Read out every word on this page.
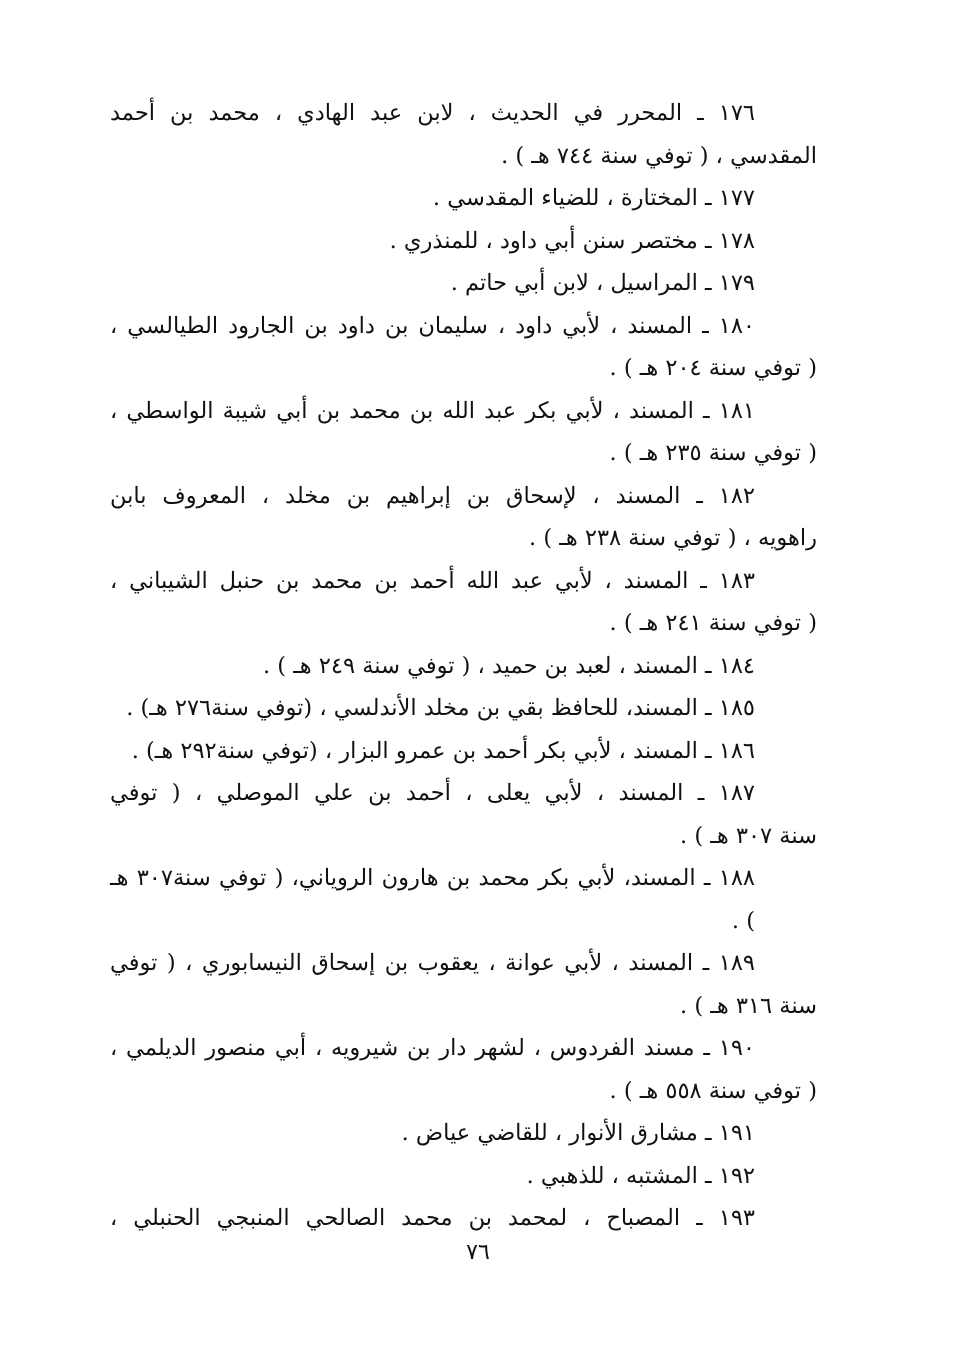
١٧٦ ـ المحرر في الحديث ، لابن عبد الهادي ، محمد بن أحمد
المقدسي ، ( توفي سنة ٧٤٤ هـ ) .
١٧٧ ـ المختارة ، للضياء المقدسي .
١٧٨ ـ مختصر سنن أبي داود ، للمنذري .
١٧٩ ـ المراسيل ، لابن أبي حاتم .
١٨٠ ـ المسند ، لأبي داود ، سليمان بن داود بن الجارود الطيالسي ،
( توفي سنة ٢٠٤ هـ ) .
١٨١ ـ المسند ، لأبي بكر عبد الله بن محمد بن أبي شيبة الواسطي ،
( توفي سنة ٢٣٥ هـ ) .
١٨٢ ـ المسند ، لإسحاق بن إبراهيم بن مخلد ، المعروف بابن
راهويه ، ( توفي سنة ٢٣٨ هـ ) .
١٨٣ ـ المسند ، لأبي عبد الله أحمد بن محمد بن حنبل الشيباني ،
( توفي سنة ٢٤١ هـ ) .
١٨٤ ـ المسند ، لعبد بن حميد ، ( توفي سنة ٢٤٩ هـ ) .
١٨٥ ـ المسند، للحافظ بقي بن مخلد الأندلسي ، (توفي سنة٢٧٦ هـ) .
١٨٦ ـ المسند ، لأبي بكر أحمد بن عمرو البزار ، (توفي سنة٢٩٢ هـ) .
١٨٧ ـ المسند ، لأبي يعلى ، أحمد بن علي الموصلي ، ( توفي
سنة ٣٠٧ هـ ) .
١٨٨ ـ المسند، لأبي بكر محمد بن هارون الروياني، ( توفي سنة٣٠٧ هـ ) .
١٨٩ ـ المسند ، لأبي عوانة ، يعقوب بن إسحاق النيسابوري ، ( توفي
سنة ٣١٦ هـ ) .
١٩٠ ـ مسند الفردوس ، لشهر دار بن شيرويه ، أبي منصور الديلمي ،
( توفي سنة ٥٥٨ هـ ) .
١٩١ ـ مشارق الأنوار ، للقاضي عياض .
١٩٢ ـ المشتبه ، للذهبي .
١٩٣ ـ المصباح ، لمحمد بن محمد الصالحي المنبجي الحنبلي ،
٧٦
